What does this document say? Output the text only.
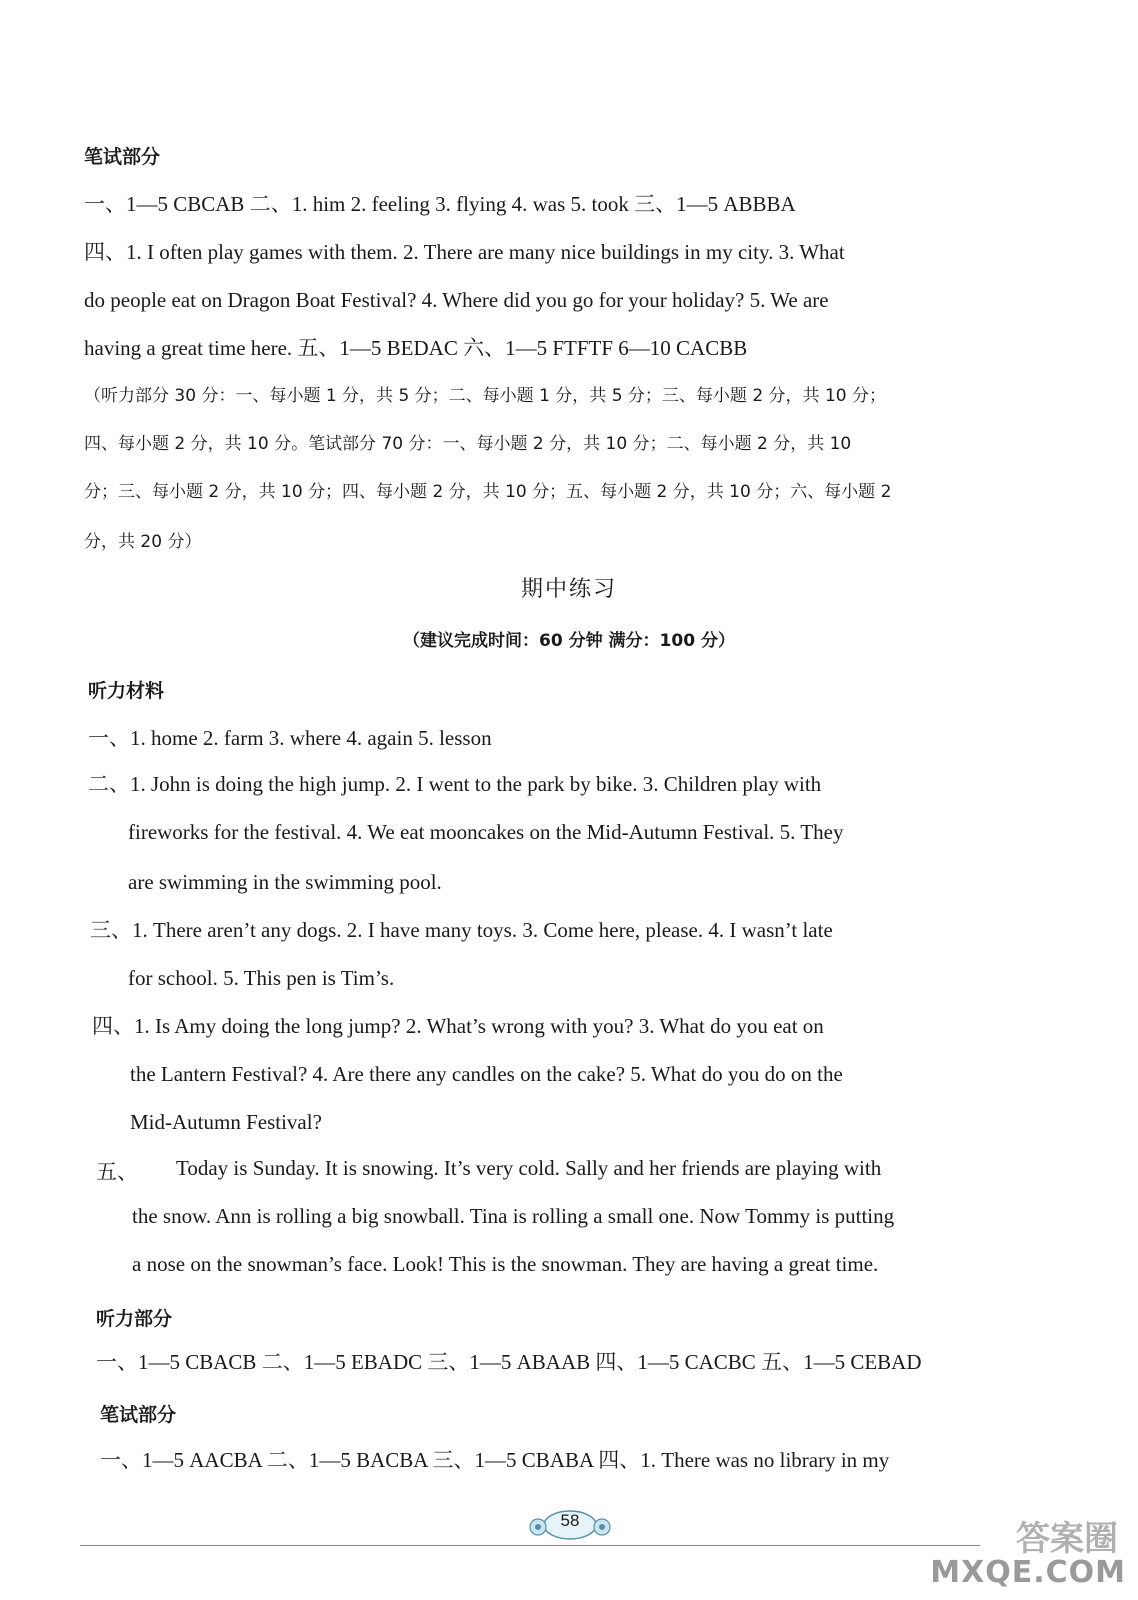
笔试部分
一、1—5 CBCAB 二、1. him 2. feeling 3. flying 4. was 5. took 三、1—5 ABBBA
四、1. I often play games with them. 2. There are many nice buildings in my city. 3. What
do people eat on Dragon Boat Festival? 4. Where did you go for your holiday? 5. We are
having a great time here. 五、1—5 BEDAC 六、1—5 FTFTF 6—10 CACBB
（听力部分 30 分：一、每小题 1 分，共 5 分；二、每小题 1 分，共 5 分；三、每小题 2 分，共 10 分；
四、每小题 2 分，共 10 分。笔试部分 70 分：一、每小题 2 分，共 10 分；二、每小题 2 分，共 10
分；三、每小题 2 分，共 10 分；四、每小题 2 分，共 10 分；五、每小题 2 分，共 10 分；六、每小题 2
分，共 20 分）
期中练习
（建议完成时间：60 分钟 满分：100 分）
听力材料
一、1. home 2. farm 3. where 4. again 5. lesson
二、1. John is doing the high jump. 2. I went to the park by bike. 3. Children play with
fireworks for the festival. 4. We eat mooncakes on the Mid-Autumn Festival. 5. They
are swimming in the swimming pool.
三、1. There aren’t any dogs. 2. I have many toys. 3. Come here, please. 4. I wasn’t late
for school. 5. This pen is Tim’s.
四、1. Is Amy doing the long jump? 2. What’s wrong with you? 3. What do you eat on
the Lantern Festival? 4. Are there any candles on the cake? 5. What do you do on the
Mid-Autumn Festival?
五、 Today is Sunday. It is snowing. It’s very cold. Sally and her friends are playing with
the snow. Ann is rolling a big snowball. Tina is rolling a small one. Now Tommy is putting
a nose on the snowman’s face. Look! This is the snowman. They are having a great time.
听力部分
一、1—5 CBACB 二、1—5 EBADC 三、1—5 ABAAB 四、1—5 CACBC 五、1—5 CEBAD
笔试部分
一、1—5 AACBA 二、1—5 BACBA 三、1—5 CBABA 四、1. There was no library in my
58	答案圈
MXQE.COM
